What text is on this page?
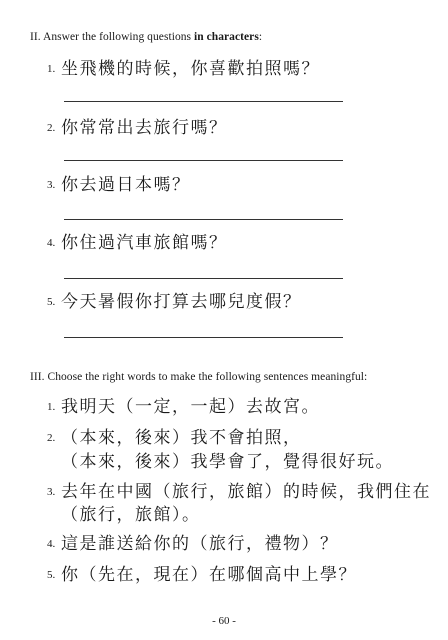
II. Answer the following questions in characters:
1. 坐飛機的時候，你喜歡拍照嗎？
2. 你常常出去旅行嗎？
3. 你去過日本嗎？
4. 你住過汽車旅館嗎？
5. 今天暑假你打算去哪兒度假？
III. Choose the right words to make the following sentences meaningful:
1. 我明天（一定，一起）去故宮。
2. （本來，後來）我不會拍照，
（本來，後來）我學會了，覺得很好玩。
3. 去年在中國（旅行，旅館）的時候，我們住在
（旅行，旅館）。
4. 這是誰送給你的（旅行，禮物）？
5. 你（先在，現在）在哪個高中上學？
- 60 -
